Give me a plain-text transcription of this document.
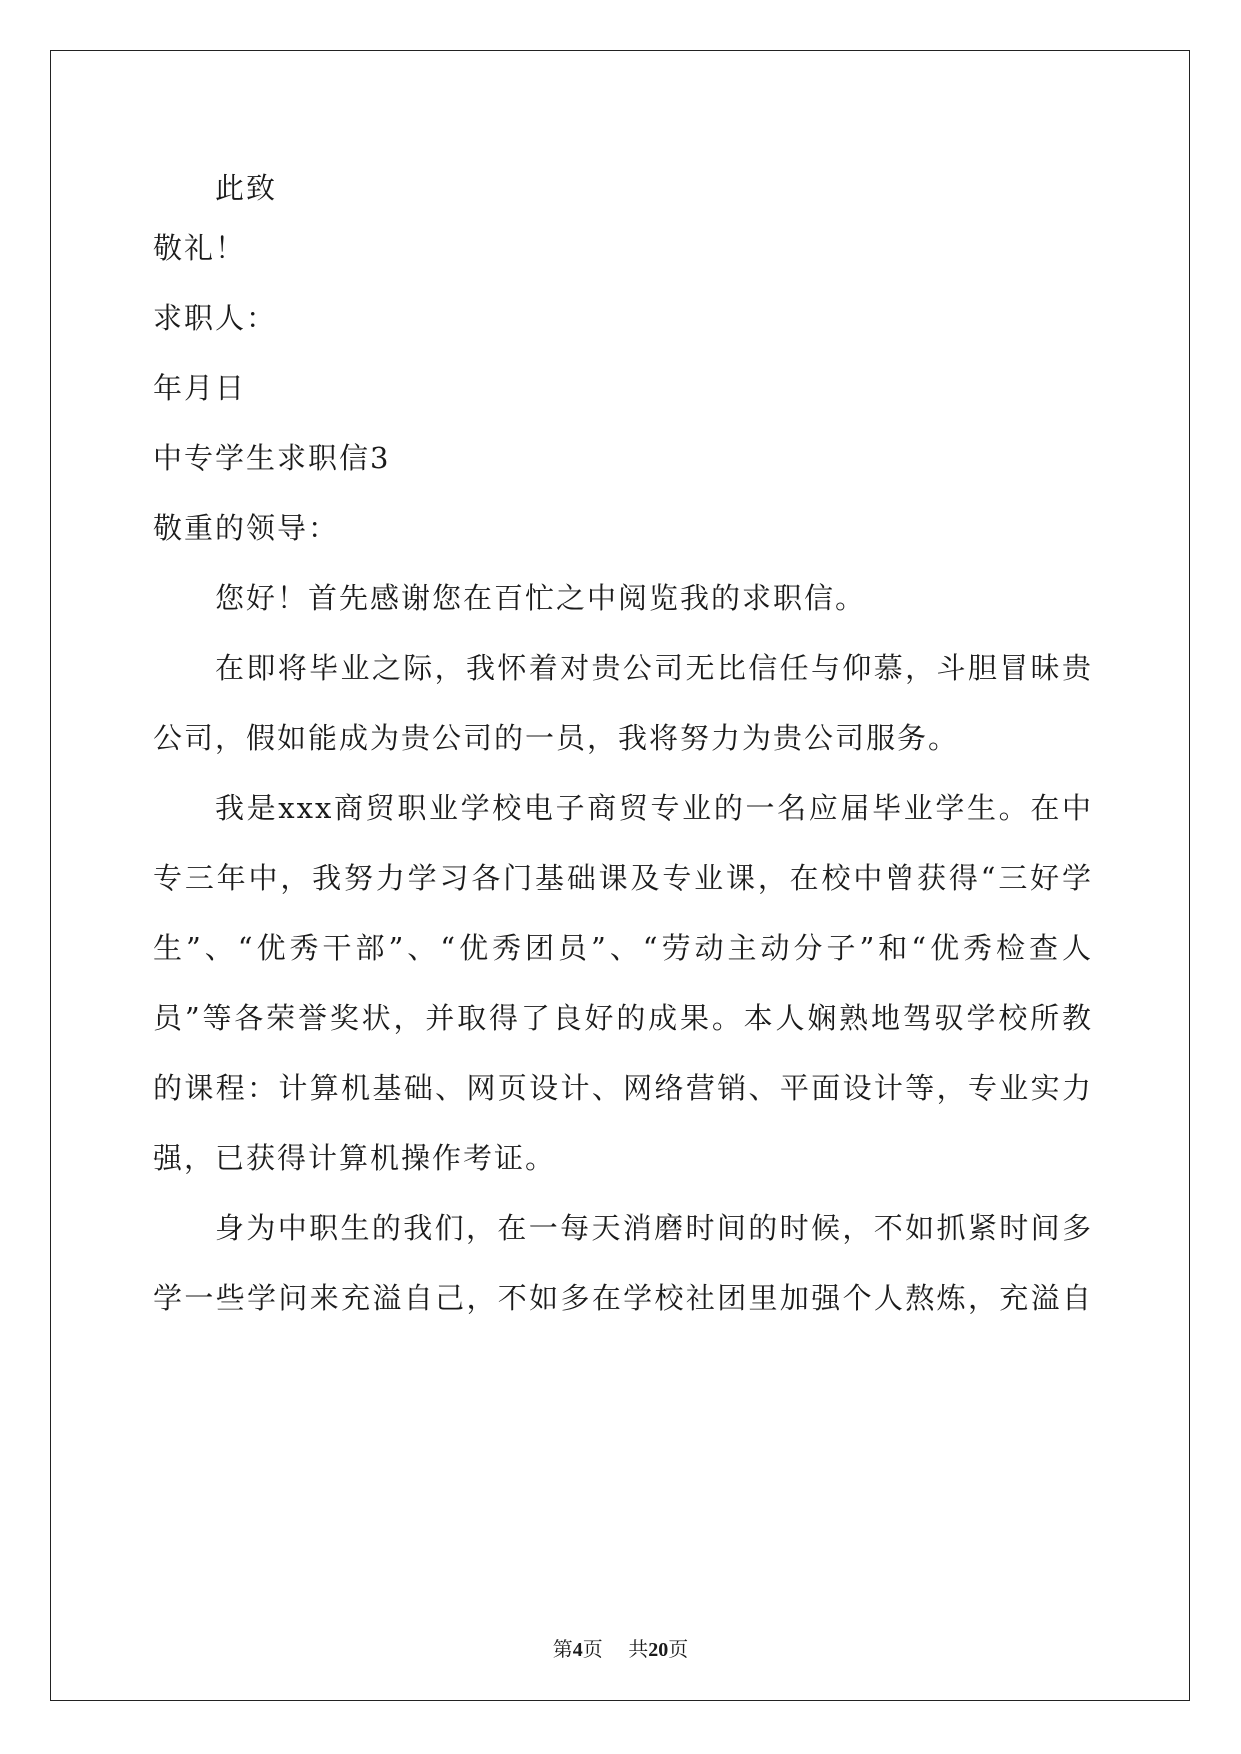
此致
敬礼！
求职人：
年月日
中专学生求职信3
敬重的领导：
您好！首先感谢您在百忙之中阅览我的求职信。
在即将毕业之际，我怀着对贵公司无比信任与仰慕，斗胆冒昧贵
公司，假如能成为贵公司的一员，我将努力为贵公司服务。
我是xxx商贸职业学校电子商贸专业的一名应届毕业学生。在中
专三年中，我努力学习各门基础课及专业课，在校中曾获得“三好学
生”、“优秀干部”、“优秀团员”、“劳动主动分子”和“优秀检查人
员”等各荣誉奖状，并取得了良好的成果。本人娴熟地驾驭学校所教
的课程：计算机基础、网页设计、网络营销、平面设计等，专业实力
强，已获得计算机操作考证。
身为中职生的我们，在一每天消磨时间的时候，不如抓紧时间多
学一些学问来充溢自己，不如多在学校社团里加强个人熬炼，充溢自
第4页 共20页
